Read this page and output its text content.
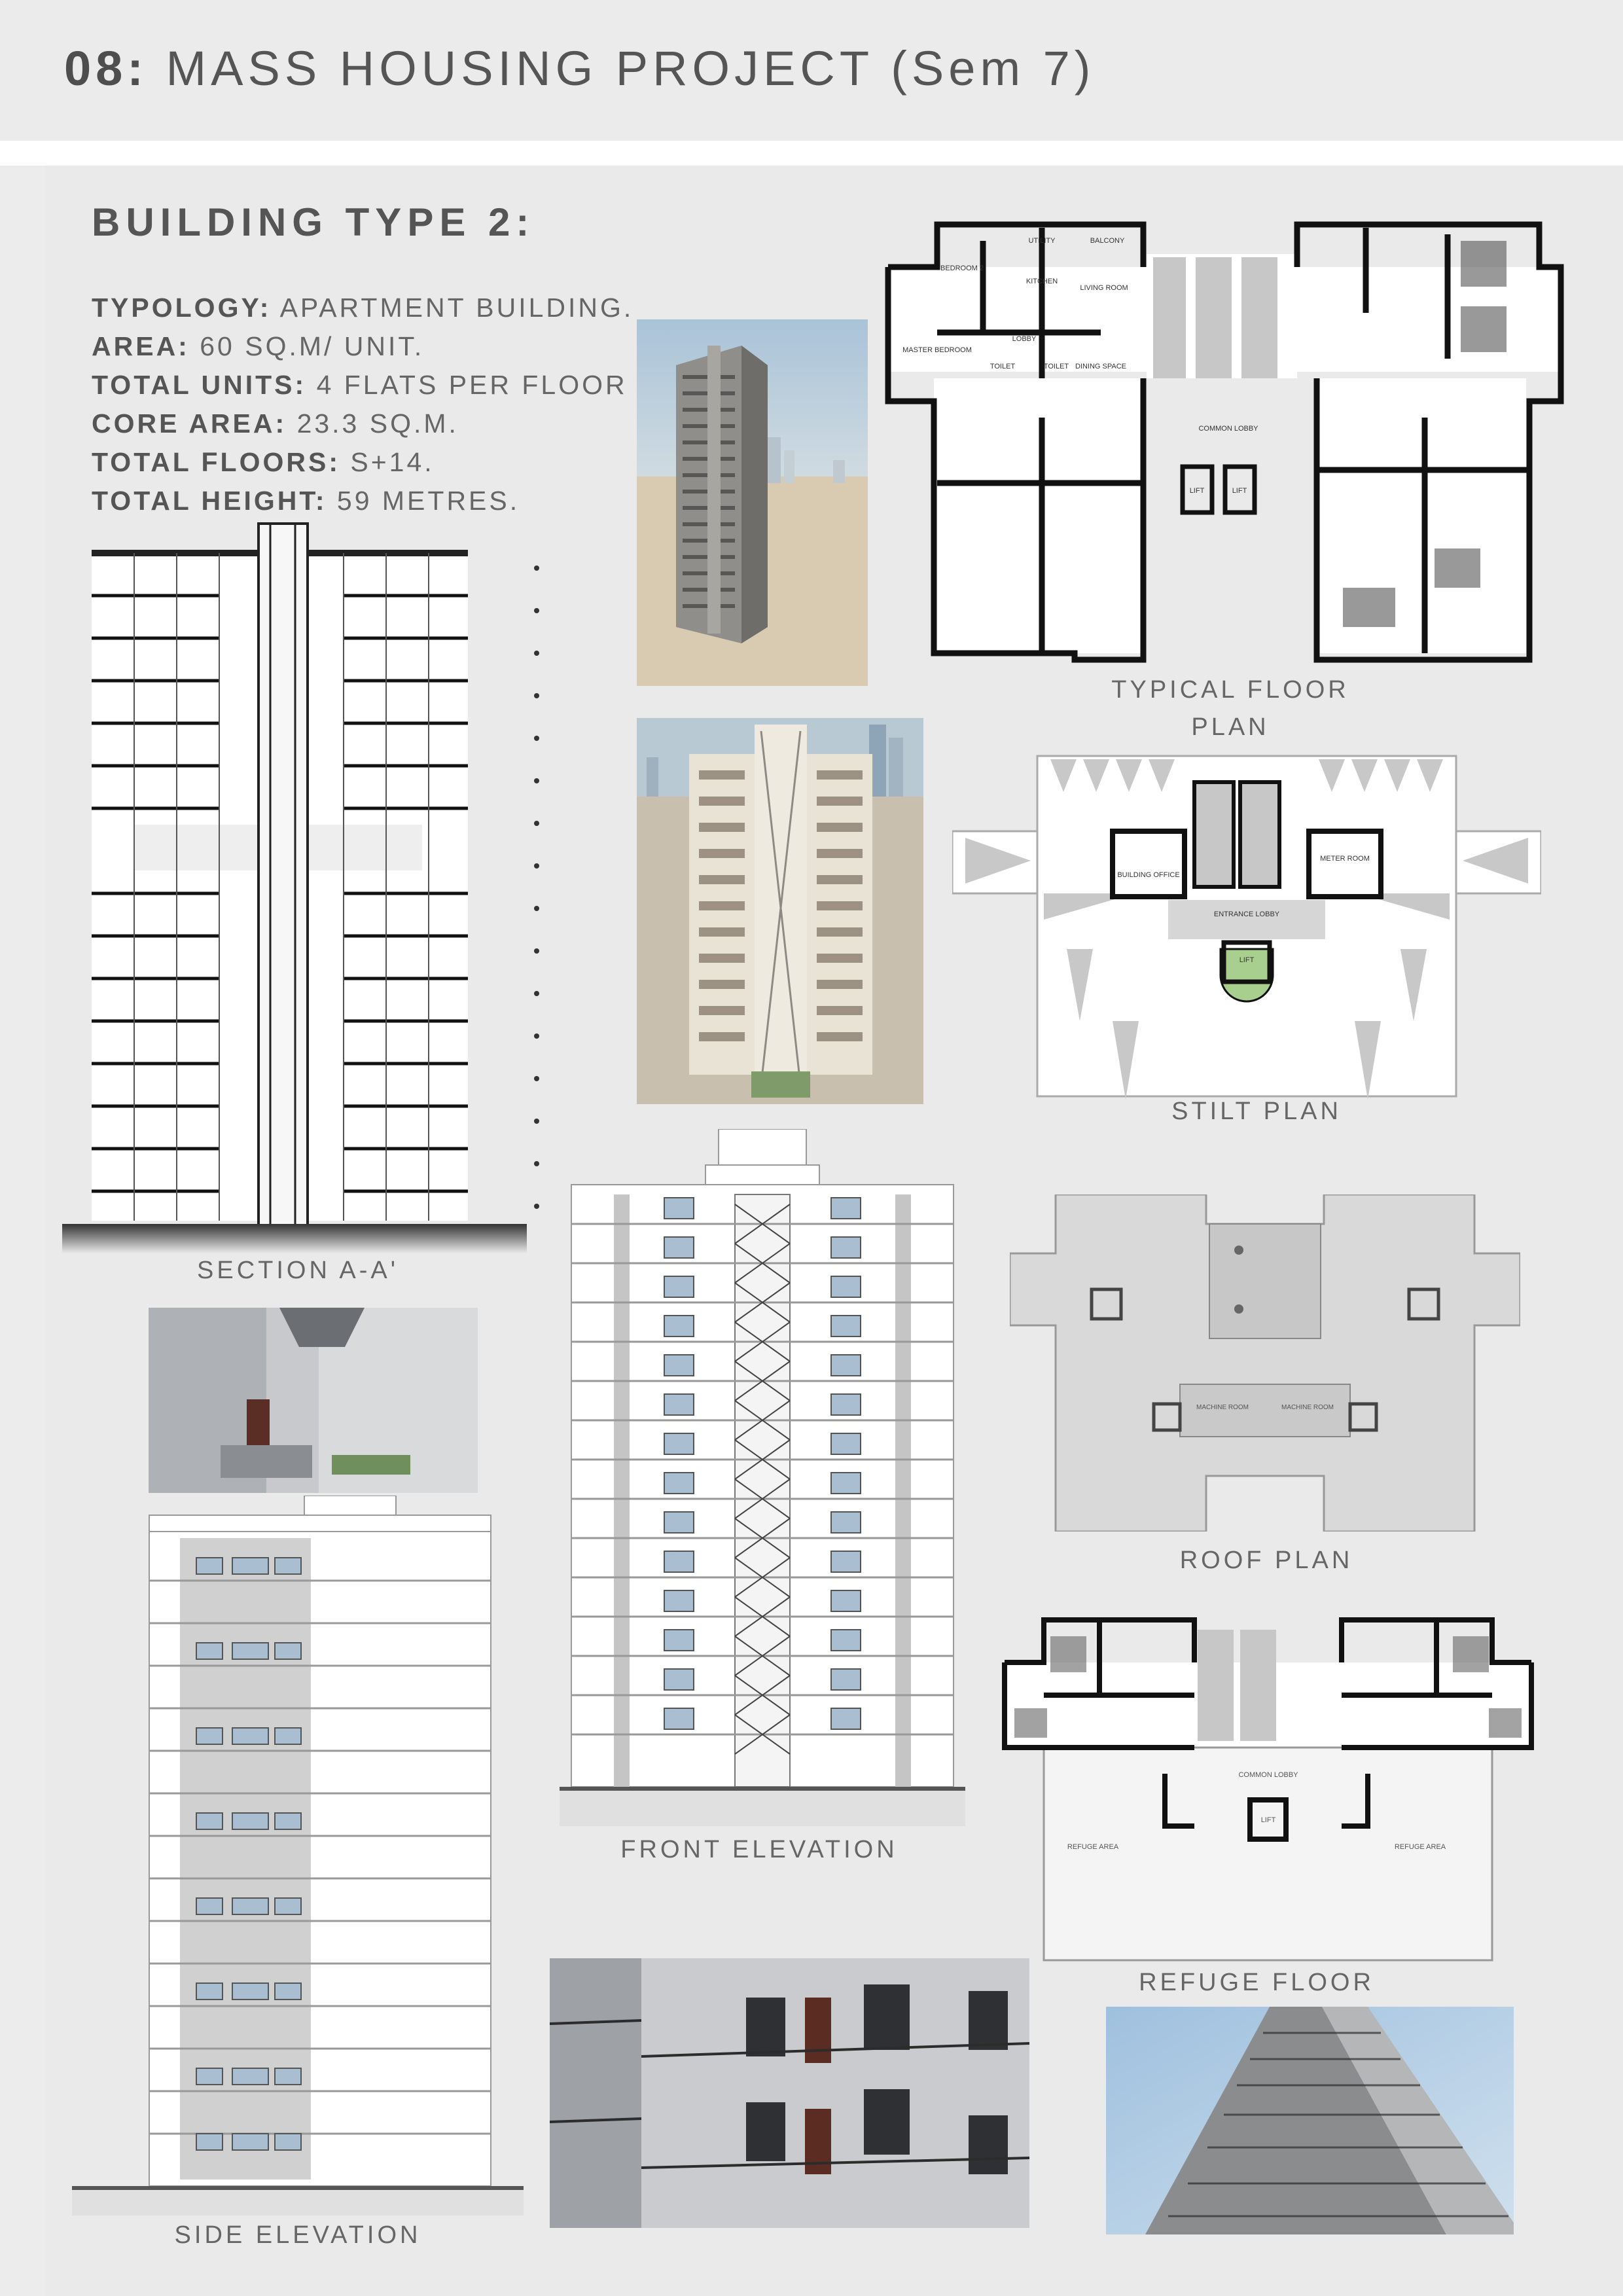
08: MASS HOUSING PROJECT (Sem 7)
BUILDING TYPE 2:
TYPOLOGY: APARTMENT BUILDING.
AREA: 60 SQ.M/ UNIT.
TOTAL UNITS: 4 FLATS PER FLOOR
CORE AREA: 23.3 SQ.M.
TOTAL FLOORS: S+14.
TOTAL HEIGHT: 59 METRES.
SECTION A-A'
UTILITY	BALCONY
BEDROOM 2
KITCHEN
LIVING ROOM
MASTER BEDROOM
TOILET	TOILET
LOBBY
DINING SPACE
COMMON LOBBY
LIFT	LIFT
TYPICAL FLOOR
PLAN
BUILDING OFFICE
METER ROOM
ENTRANCE LOBBY
LIFT
STILT PLAN
FRONT ELEVATION
MACHINE ROOM	MACHINE ROOM
ROOF PLAN
REFUGE AREA	REFUGE AREA
COMMON LOBBY
LIFT
REFUGE FLOOR
SIDE ELEVATION
